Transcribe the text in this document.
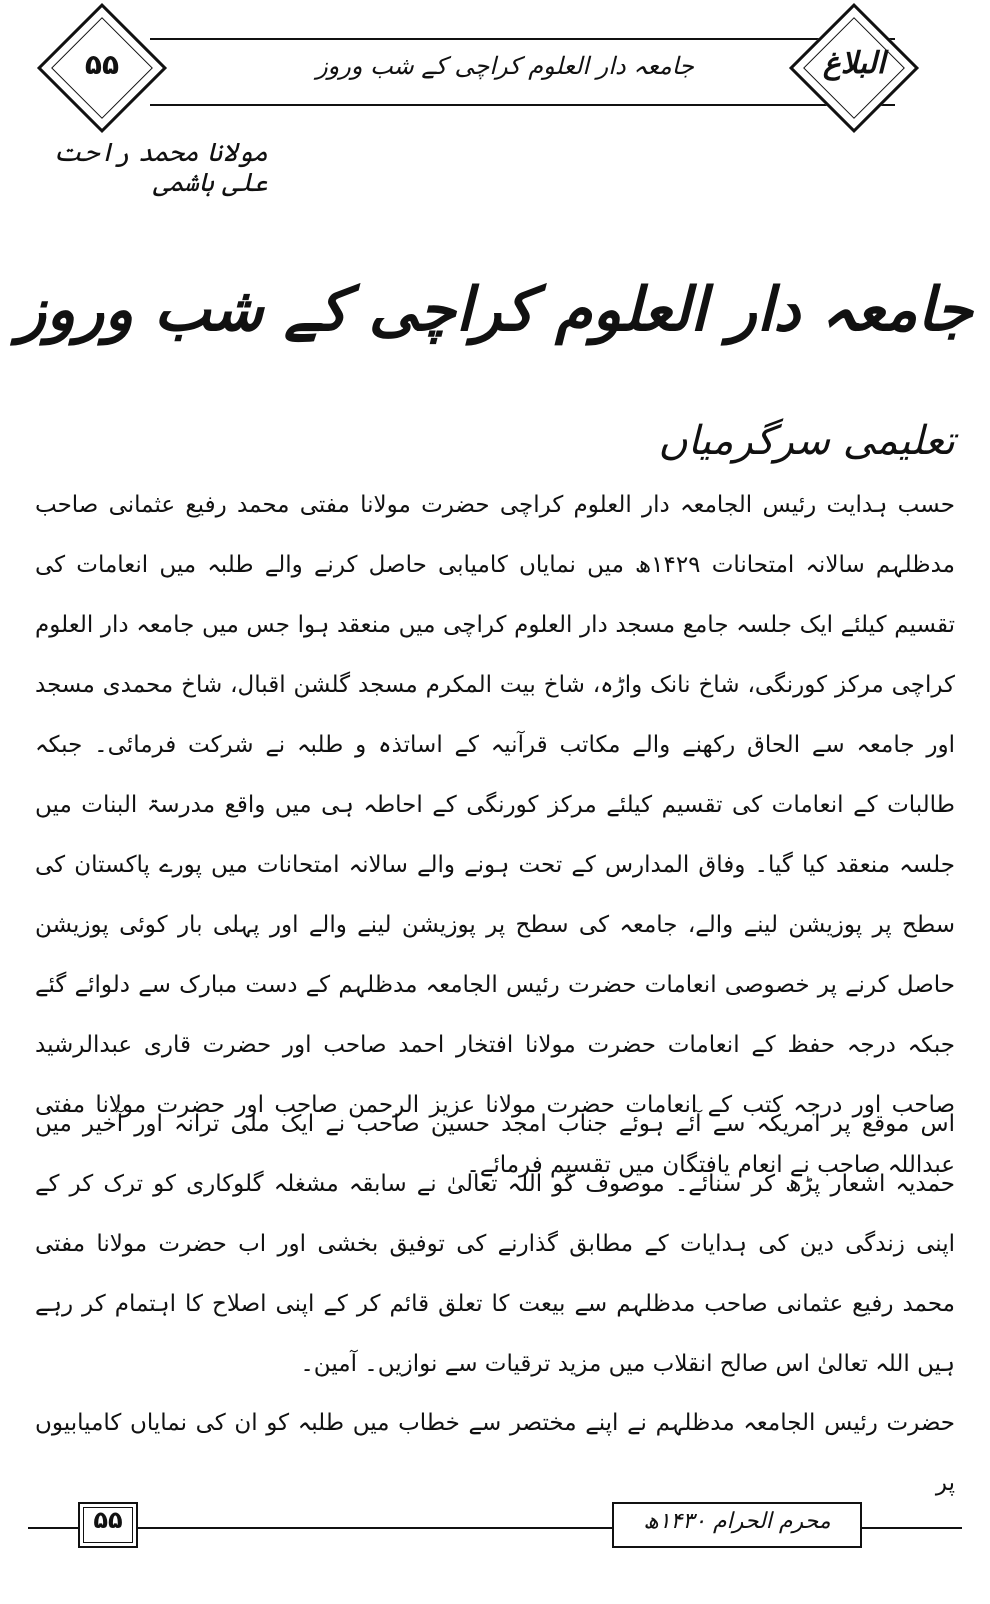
جامعہ دار العلوم کراچی کے شب وروز
۵۵	البلاغ
مولانا محمد راحت علی ہاشمی
جامعہ دار العلوم کراچی کے شب وروز
تعلیمی سرگرمیاں

حسب ہدایت رئیس الجامعہ دار العلوم کراچی حضرت مولانا مفتی محمد رفیع عثمانی صاحب مدظلہم سالانہ امتحانات ۱۴۲۹ھ میں نمایاں کامیابی حاصل کرنے والے طلبہ میں انعامات کی تقسیم کیلئے ایک جلسہ جامع مسجد دار العلوم کراچی میں منعقد ہوا جس میں جامعہ دار العلوم کراچی مرکز کورنگی، شاخ نانک واڑہ، شاخ بیت المکرم مسجد گلشن اقبال، شاخ محمدی مسجد اور جامعہ سے الحاق رکھنے والے مکاتب قرآنیہ کے اساتذہ و طلبہ نے شرکت فرمائی۔ جبکہ طالبات کے انعامات کی تقسیم کیلئے مرکز کورنگی کے احاطہ ہی میں واقع مدرسۃ البنات میں جلسہ منعقد کیا گیا۔ وفاق المدارس کے تحت ہونے والے سالانہ امتحانات میں پورے پاکستان کی سطح پر پوزیشن لینے والے، جامعہ کی سطح پر پوزیشن لینے والے اور پہلی بار کوئی پوزیشن حاصل کرنے پر خصوصی انعامات حضرت رئیس الجامعہ مدظلہم کے دست مبارک سے دلوائے گئے جبکہ درجہ حفظ کے انعامات حضرت مولانا افتخار احمد صاحب اور حضرت قاری عبدالرشید صاحب اور درجہ کتب کے انعامات حضرت مولانا عزیز الرحمن صاحب اور حضرت مولانا مفتی عبداللہ صاحب نے انعام یافتگان میں تقسیم فرمائے۔

اس موقع پر امریکہ سے آئے ہوئے جناب امجد حسین صاحب نے ایک ملی ترانہ اور آخیر میں حمدیہ اشعار پڑھ کر سنائے۔ موصوف کو اللہ تعالیٰ نے سابقہ مشغلہ گلوکاری کو ترک کر کے اپنی زندگی دین کی ہدایات کے مطابق گذارنے کی توفیق بخشی اور اب حضرت مولانا مفتی محمد رفیع عثمانی صاحب مدظلہم سے بیعت کا تعلق قائم کر کے اپنی اصلاح کا اہتمام کر رہے ہیں اللہ تعالیٰ اس صالح انقلاب میں مزید ترقیات سے نوازیں۔ آمین۔

حضرت رئیس الجامعہ مدظلہم نے اپنے مختصر سے خطاب میں طلبہ کو ان کی نمایاں کامیابیوں پر

۵۵	محرم الحرام ۱۴۳۰ھ
